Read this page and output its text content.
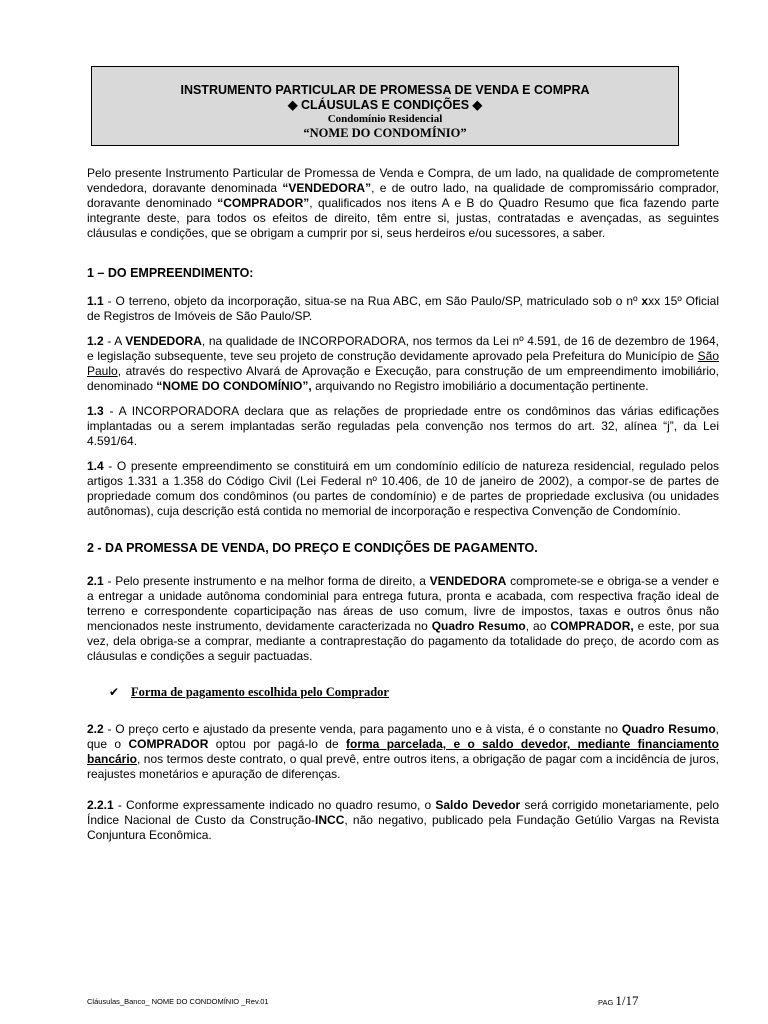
INSTRUMENTO PARTICULAR DE PROMESSA DE VENDA E COMPRA
◆ CLÁUSULAS E CONDIÇÕES ◆
Condomínio Residencial
“NOME DO CONDOMÍNIO”

Pelo presente Instrumento Particular de Promessa de Venda e Compra, de um lado, na qualidade de comprometente vendedora, doravante denominada “VENDEDORA”, e de outro lado, na qualidade de compromissário comprador, doravante denominado “COMPRADOR”, qualificados nos itens A e B do Quadro Resumo que fica fazendo parte integrante deste, para todos os efeitos de direito, têm entre si, justas, contratadas e avençadas, as seguintes cláusulas e condições, que se obrigam a cumprir por si, seus herdeiros e/ou sucessores, a saber.

1 – DO EMPREENDIMENTO:

1.1 - O terreno, objeto da incorporação, situa-se na Rua ABC, em São Paulo/SP, matriculado sob o nº xxx 15º Oficial de Registros de Imóveis de São Paulo/SP.

1.2 - A VENDEDORA, na qualidade de INCORPORADORA, nos termos da Lei nº 4.591, de 16 de dezembro de 1964, e legislação subsequente, teve seu projeto de construção devidamente aprovado pela Prefeitura do Município de São Paulo, através do respectivo Alvará de Aprovação e Execução, para construção de um empreendimento imobiliário, denominado “NOME DO CONDOMÍNIO”, arquivando no Registro imobiliário a documentação pertinente.

1.3 - A INCORPORADORA declara que as relações de propriedade entre os condôminos das várias edificações implantadas ou a serem implantadas serão reguladas pela convenção nos termos do art. 32, alínea “j”, da Lei 4.591/64.

1.4 - O presente empreendimento se constituirá em um condomínio edilício de natureza residencial, regulado pelos artigos 1.331 a 1.358 do Código Civil (Lei Federal nº 10.406, de 10 de janeiro de 2002), a compor-se de partes de propriedade comum dos condôminos (ou partes de condomínio) e de partes de propriedade exclusiva (ou unidades autônomas), cuja descrição está contida no memorial de incorporação e respectiva Convenção de Condomínio.

2 - DA PROMESSA DE VENDA, DO PREÇO E CONDIÇÕES DE PAGAMENTO.

2.1 - Pelo presente instrumento e na melhor forma de direito, a VENDEDORA compromete-se e obriga-se a vender e a entregar a unidade autônoma condominial para entrega futura, pronta e acabada, com respectiva fração ideal de terreno e correspondente coparticipação nas áreas de uso comum, livre de impostos, taxas e outros ônus não mencionados neste instrumento, devidamente caracterizada no Quadro Resumo, ao COMPRADOR, e este, por sua vez, dela obriga-se a comprar, mediante a contraprestação do pagamento da totalidade do preço, de acordo com as cláusulas e condições a seguir pactuadas.

✔ Forma de pagamento escolhida pelo Comprador

2.2 - O preço certo e ajustado da presente venda, para pagamento uno e à vista, é o constante no Quadro Resumo, que o COMPRADOR optou por pagá-lo de forma parcelada, e o saldo devedor, mediante financiamento bancário, nos termos deste contrato, o qual prevê, entre outros itens, a obrigação de pagar com a incidência de juros, reajustes monetários e apuração de diferenças.

2.2.1 - Conforme expressamente indicado no quadro resumo, o Saldo Devedor será corrigido monetariamente, pelo Índice Nacional de Custo da Construção-INCC, não negativo, publicado pela Fundação Getúlio Vargas na Revista Conjuntura Econômica.

Cláusulas_Banco_ NOME DO CONDOMÍNIO _Rev.01	PAG 1/17
